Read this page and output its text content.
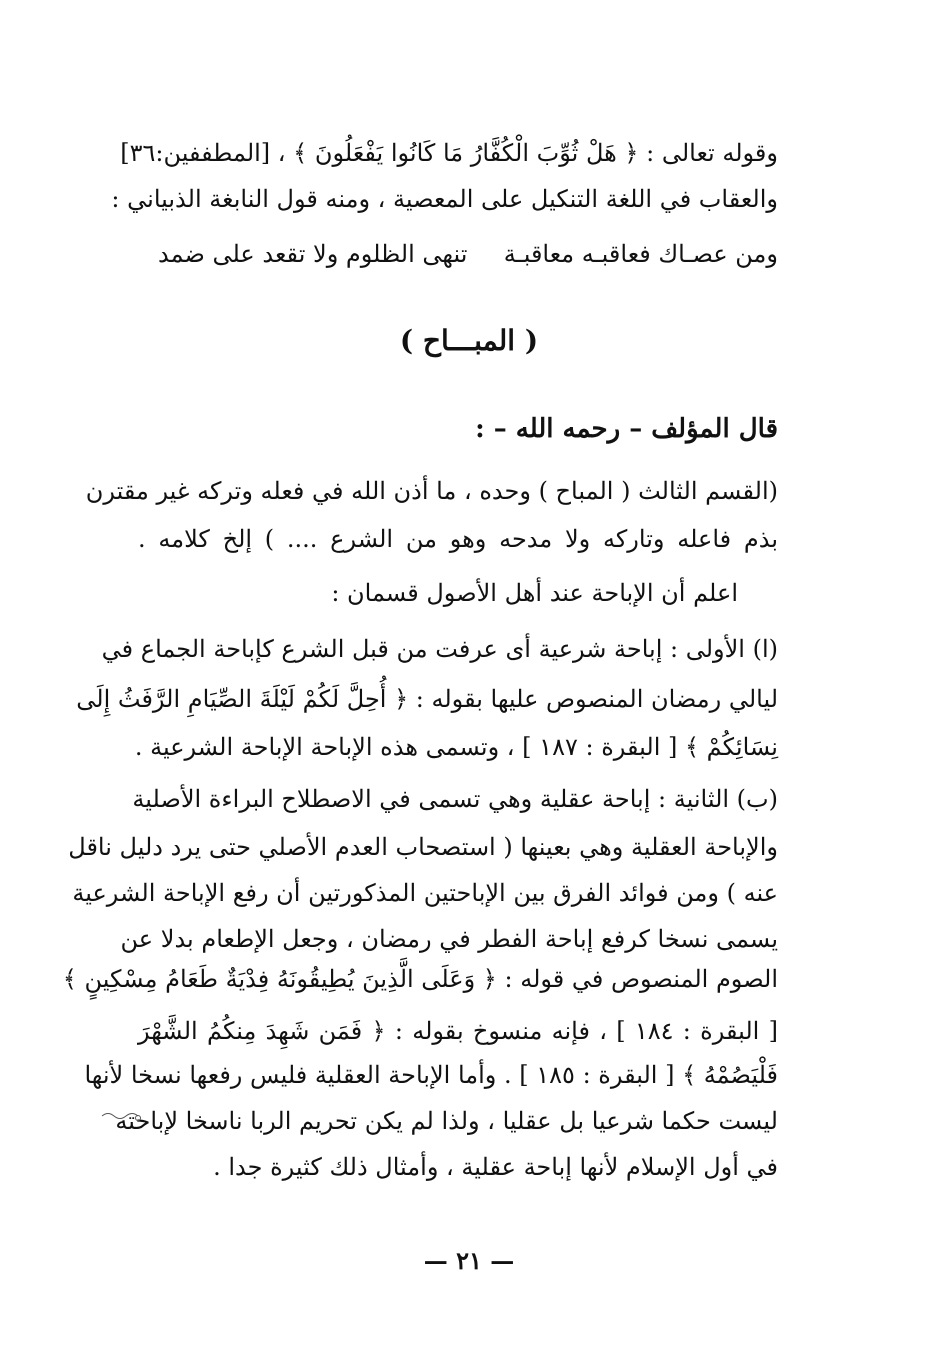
وقوله تعالى : ﴿ هَلْ ثُوِّبَ الْكُفَّارُ مَا كَانُوا يَفْعَلُونَ ﴾ ، [المطففين:٣٦]
والعقاب في اللغة التنكيل على المعصية ، ومنه قول النابغة الذبياني :
ومن عصـاك فعاقبـه معاقبـة
تنهى الظلوم ولا تقعد على ضمد
( المبـــاح )
قال المؤلف – رحمه الله – :
(القسم الثالث ( المباح ) وحده ، ما أذن الله في فعله وتركه غير مقترن
بذم فاعله وتاركه ولا مدحه وهو من الشرع .... ) إلخ كلامه .
اعلم أن الإباحة عند أهل الأصول قسمان :
(ا) الأولى : إباحة شرعية أى عرفت من قبل الشرع كإباحة الجماع في
ليالي رمضان المنصوص عليها بقوله : ﴿ أُحِلَّ لَكُمْ لَيْلَةَ الصِّيَامِ الرَّفَثُ إِلَى
نِسَائِكُمْ ﴾ [ البقرة : ١٨٧ ] ، وتسمى هذه الإباحة الإباحة الشرعية .
(ب) الثانية : إباحة عقلية وهي تسمى في الاصطلاح البراءة الأصلية
والإباحة العقلية وهي بعينها ( استصحاب العدم الأصلي حتى يرد دليل ناقل
عنه ) ومن فوائد الفرق بين الإباحتين المذكورتين أن رفع الإباحة الشرعية
يسمى نسخا كرفع إباحة الفطر في رمضان ، وجعل الإطعام بدلا عن
الصوم المنصوص في قوله : ﴿ وَعَلَى الَّذِينَ يُطِيقُونَهُ فِدْيَةٌ طَعَامُ مِسْكِينٍ ﴾
[ البقرة : ١٨٤ ] ، فإنه منسوخ بقوله : ﴿ فَمَن شَهِدَ مِنكُمُ الشَّهْرَ
فَلْيَصُمْهُ ﴾ [ البقرة : ١٨٥ ] . وأما الإباحة العقلية فليس رفعها نسخا لأنها
ليست حكما شرعيا بل عقليا ، ولذا لم يكن تحريم الربا ناسخا لإباحته
في أول الإسلام لأنها إباحة عقلية ، وأمثال ذلك كثيرة جدا .
— ٢١ —
